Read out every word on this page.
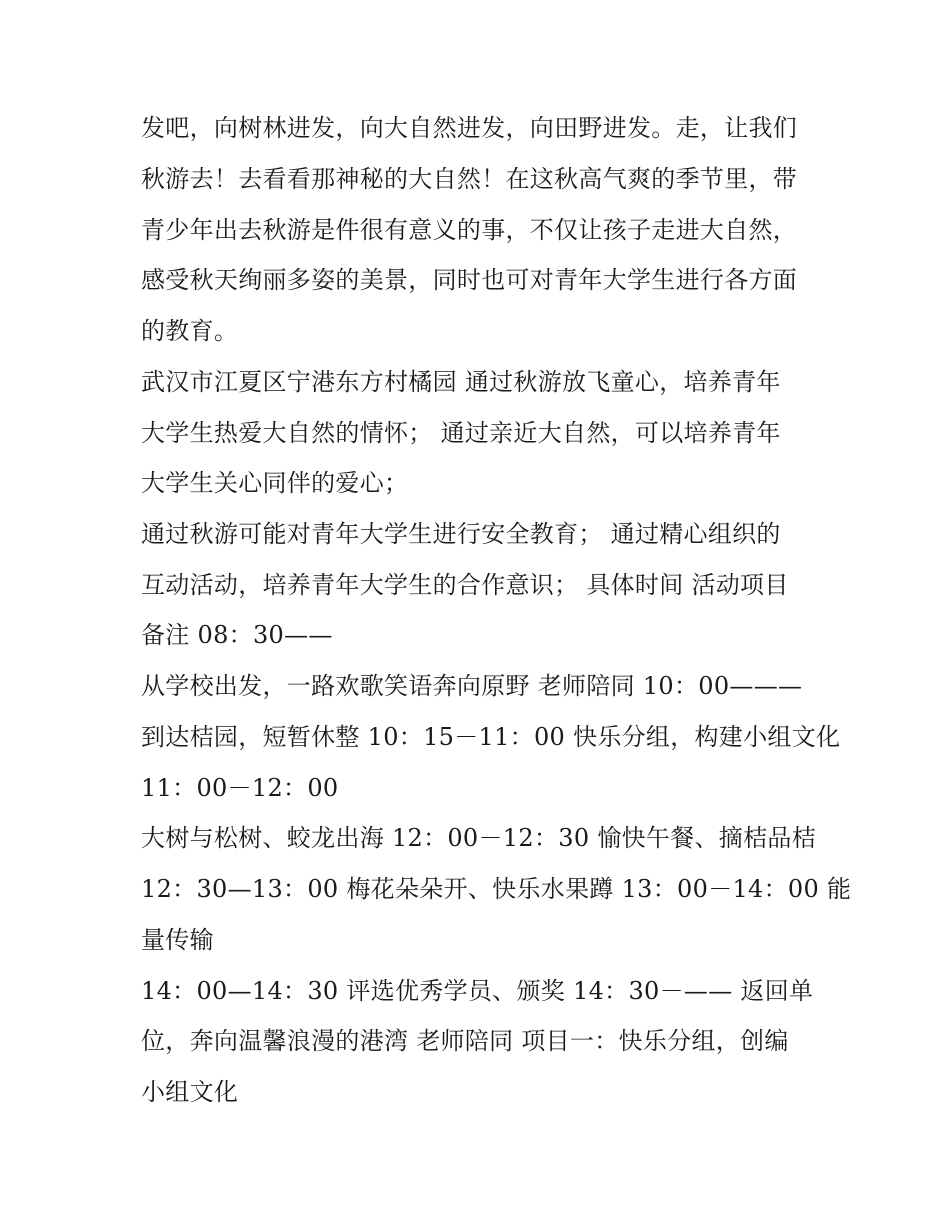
发吧，向树林进发，向大自然进发，向田野进发。走，让我们
秋游去！去看看那神秘的大自然！在这秋高气爽的季节里，带
青少年出去秋游是件很有意义的事，不仅让孩子走进大自然，
感受秋天绚丽多姿的美景，同时也可对青年大学生进行各方面
的教育。
武汉市江夏区宁港东方村橘园 通过秋游放飞童心，培养青年
大学生热爱大自然的情怀； 通过亲近大自然，可以培养青年
大学生关心同伴的爱心；
通过秋游可能对青年大学生进行安全教育； 通过精心组织的
互动活动，培养青年大学生的合作意识； 具体时间 活动项目
备注 08：30——
从学校出发，一路欢歌笑语奔向原野 老师陪同 10：00———
到达桔园，短暂休整 10：15－11：00 快乐分组，构建小组文化
11：00－12：00
大树与松树、蛟龙出海 12：00－12：30 愉快午餐、摘桔品桔
12：30—13：00 梅花朵朵开、快乐水果蹲 13：00－14：00 能
量传输
14：00—14：30 评选优秀学员、颁奖 14：30－—— 返回单
位，奔向温馨浪漫的港湾 老师陪同 项目一：快乐分组，创编
小组文化
